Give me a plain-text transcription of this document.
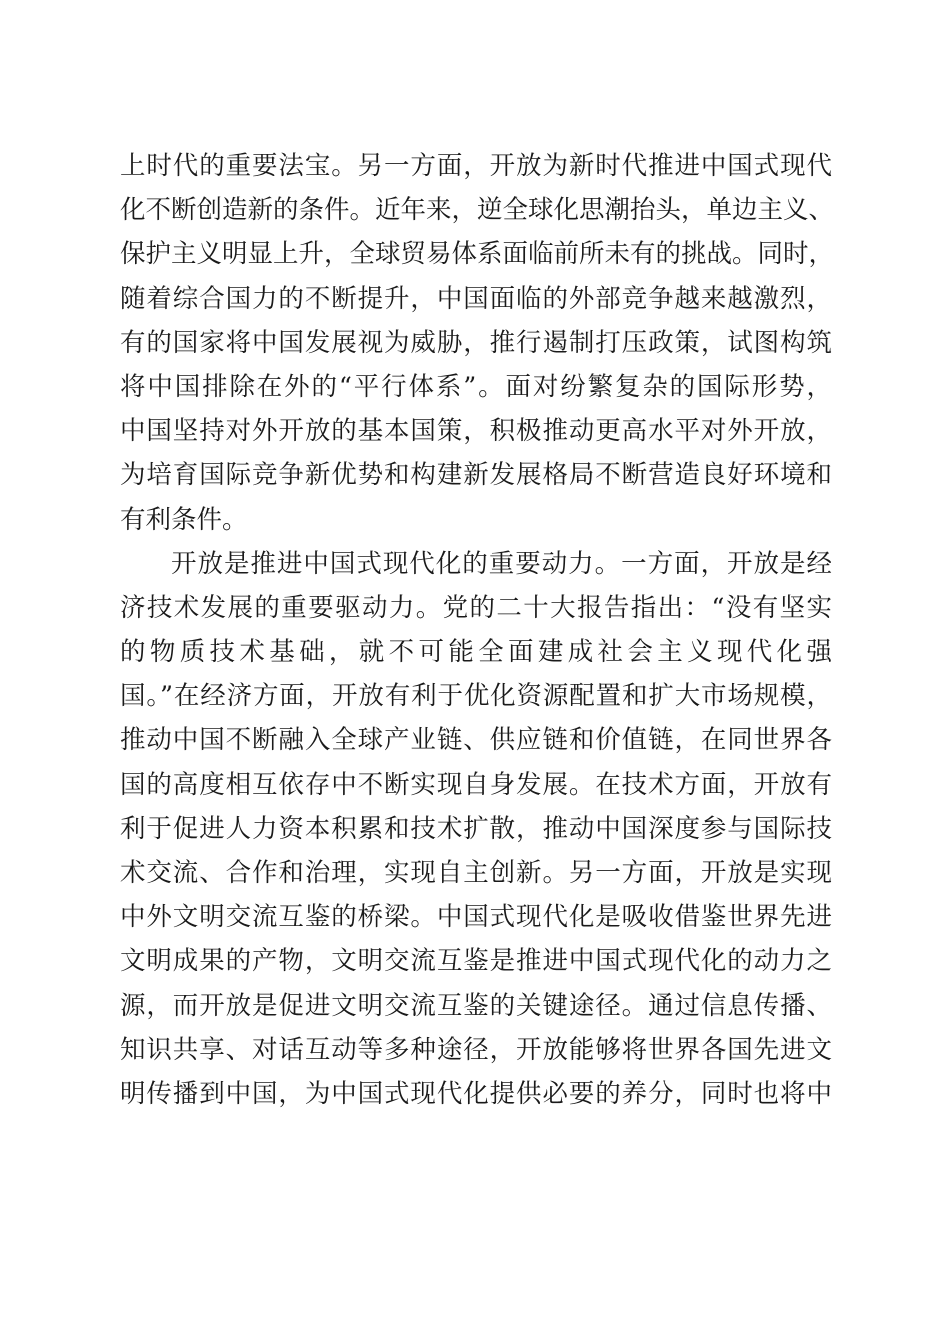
上时代的重要法宝。另一方面，开放为新时代推进中国式现代
化不断创造新的条件。近年来，逆全球化思潮抬头，单边主义、
保护主义明显上升，全球贸易体系面临前所未有的挑战。同时，
随着综合国力的不断提升，中国面临的外部竞争越来越激烈，
有的国家将中国发展视为威胁，推行遏制打压政策，试图构筑
将中国排除在外的“平行体系”。面对纷繁复杂的国际形势，
中国坚持对外开放的基本国策，积极推动更高水平对外开放，
为培育国际竞争新优势和构建新发展格局不断营造良好环境和
有利条件。
开放是推进中国式现代化的重要动力。一方面，开放是经
济技术发展的重要驱动力。党的二十大报告指出：“没有坚实
的物质技术基础，就不可能全面建成社会主义现代化强
国。”在经济方面，开放有利于优化资源配置和扩大市场规模，
推动中国不断融入全球产业链、供应链和价值链，在同世界各
国的高度相互依存中不断实现自身发展。在技术方面，开放有
利于促进人力资本积累和技术扩散，推动中国深度参与国际技
术交流、合作和治理，实现自主创新。另一方面，开放是实现
中外文明交流互鉴的桥梁。中国式现代化是吸收借鉴世界先进
文明成果的产物，文明交流互鉴是推进中国式现代化的动力之
源，而开放是促进文明交流互鉴的关键途径。通过信息传播、
知识共享、对话互动等多种途径，开放能够将世界各国先进文
明传播到中国，为中国式现代化提供必要的养分，同时也将中
